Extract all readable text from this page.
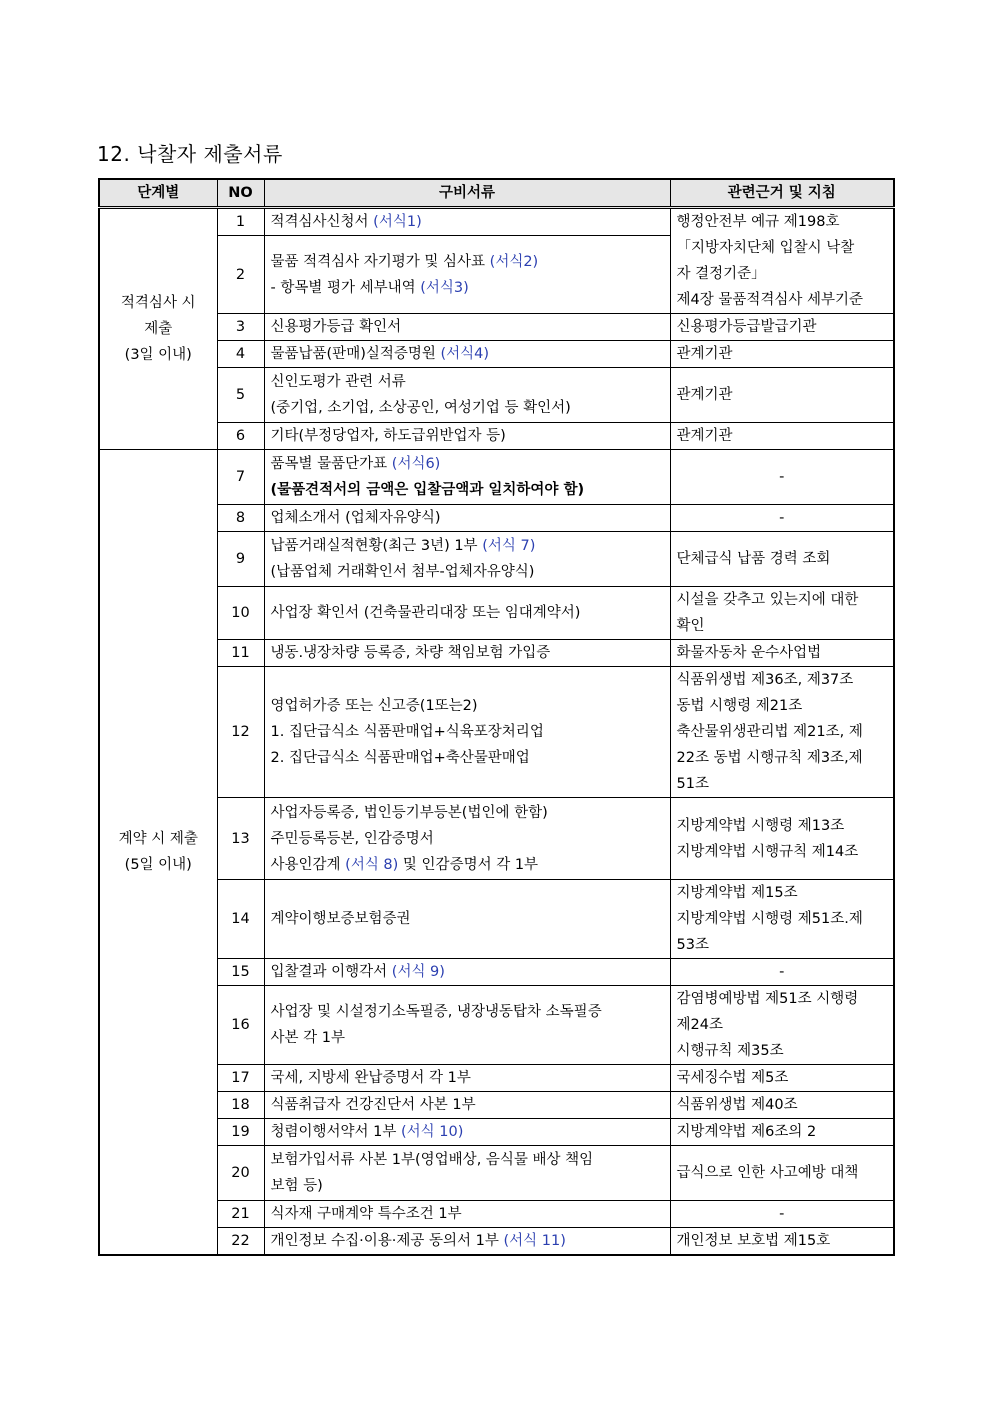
12. 낙찰자 제출서류
단계별	NO	구비서류	관련근거 및 지침

적격심사 시
제출
(3일 이내)	1	적격심사신청서 (서식1)	행정안전부 예규 제198호
「지방자치단체 입찰시 낙찰
자 결정기준」
제4장 물품적격심사 세부기준

	2	물품 적격심사 자기평가 및 심사표 (서식2)
- 항목별 평가 세부내역 (서식3)	

	3	신용평가등급 확인서	신용평가등급발급기관
	4	물품납품(판매)실적증명원 (서식4)	관계기관
	5	신인도평가 관련 서류
(중기업, 소기업, 소상공인, 여성기업 등 확인서)	관계기관
	6	기타(부정당업자, 하도급위반업자 등)	관계기관

계약 시 제출
(5일 이내)	7	품목별 물품단가표 (서식6)
(물품견적서의 금액은 입찰금액과 일치하여야 함)	-
	8	업체소개서 (업체자유양식)	-
	9	납품거래실적현황(최근 3년) 1부 (서식 7)
(납품업체 거래확인서 첨부-업체자유양식)	단체급식 납품 경력 조회
	10	사업장 확인서 (건축물관리대장 또는 임대계약서)	시설을 갖추고 있는지에 대한
확인

	11	냉동.냉장차량 등록증, 차량 책임보험 가입증	화물자동차 운수사업법
	12	영업허가증 또는 신고증(1또는2)
1. 집단급식소 식품판매업+식육포장처리업
2. 집단급식소 식품판매업+축산물판매업	식품위생법 제36조, 제37조
동법 시행령 제21조
축산물위생관리법 제21조, 제
22조 동법 시행규칙 제3조,제
51조

	13	사업자등록증, 법인등기부등본(법인에 한함)
주민등록등본, 인감증명서
사용인감계 (서식 8) 및 인감증명서 각 1부	지방계약법 시행령 제13조
지방계약법 시행규칙 제14조

	14	계약이행보증보험증권	지방계약법 제15조
지방계약법 시행령 제51조.제
53조

	15	입찰결과 이행각서 (서식 9)	-
	16	사업장 및 시설정기소독필증, 냉장냉동탑차 소독필증
사본 각 1부	감염병예방법 제51조 시행령
제24조
시행규칙 제35조

	17	국세, 지방세 완납증명서 각 1부	국세징수법 제5조
	18	식품취급자 건강진단서 사본 1부	식품위생법 제40조
	19	청렴이행서약서 1부 (서식 10)	지방계약법 제6조의 2
	20	보험가입서류 사본 1부(영업배상, 음식물 배상 책임
보험 등)	급식으로 인한 사고예방 대책
	21	식자재 구매계약 특수조건 1부	-
	22	개인정보 수집·이용·제공 동의서 1부 (서식 11)	개인정보 보호법 제15호
